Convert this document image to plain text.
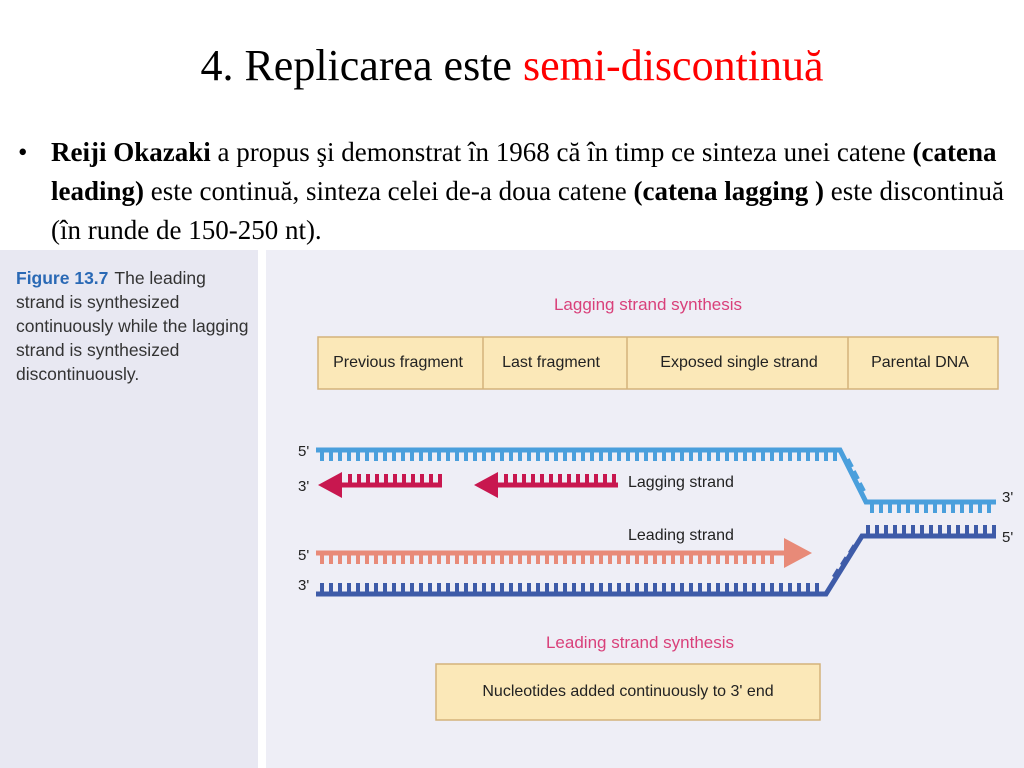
4. Replicarea este semi-discontinuă
• Reiji Okazaki a propus şi demonstrat în 1968 că în timp ce sinteza unei catene (catena leading) este continuă, sinteza celei de-a doua catene (catena lagging ) este discontinuă (în runde de 150-250 nt).
Figure 13.7 The leading strand is synthesized continuously while the lagging strand is synthesized discontinuously.
Lagging strand synthesis
Previous fragment Last fragment	Exposed single strand	Parental DNA
5'
3'
3'
5'
5'
3'
Lagging strand
Leading strand
Leading strand synthesis
Nucleotides added continuously to 3' end
